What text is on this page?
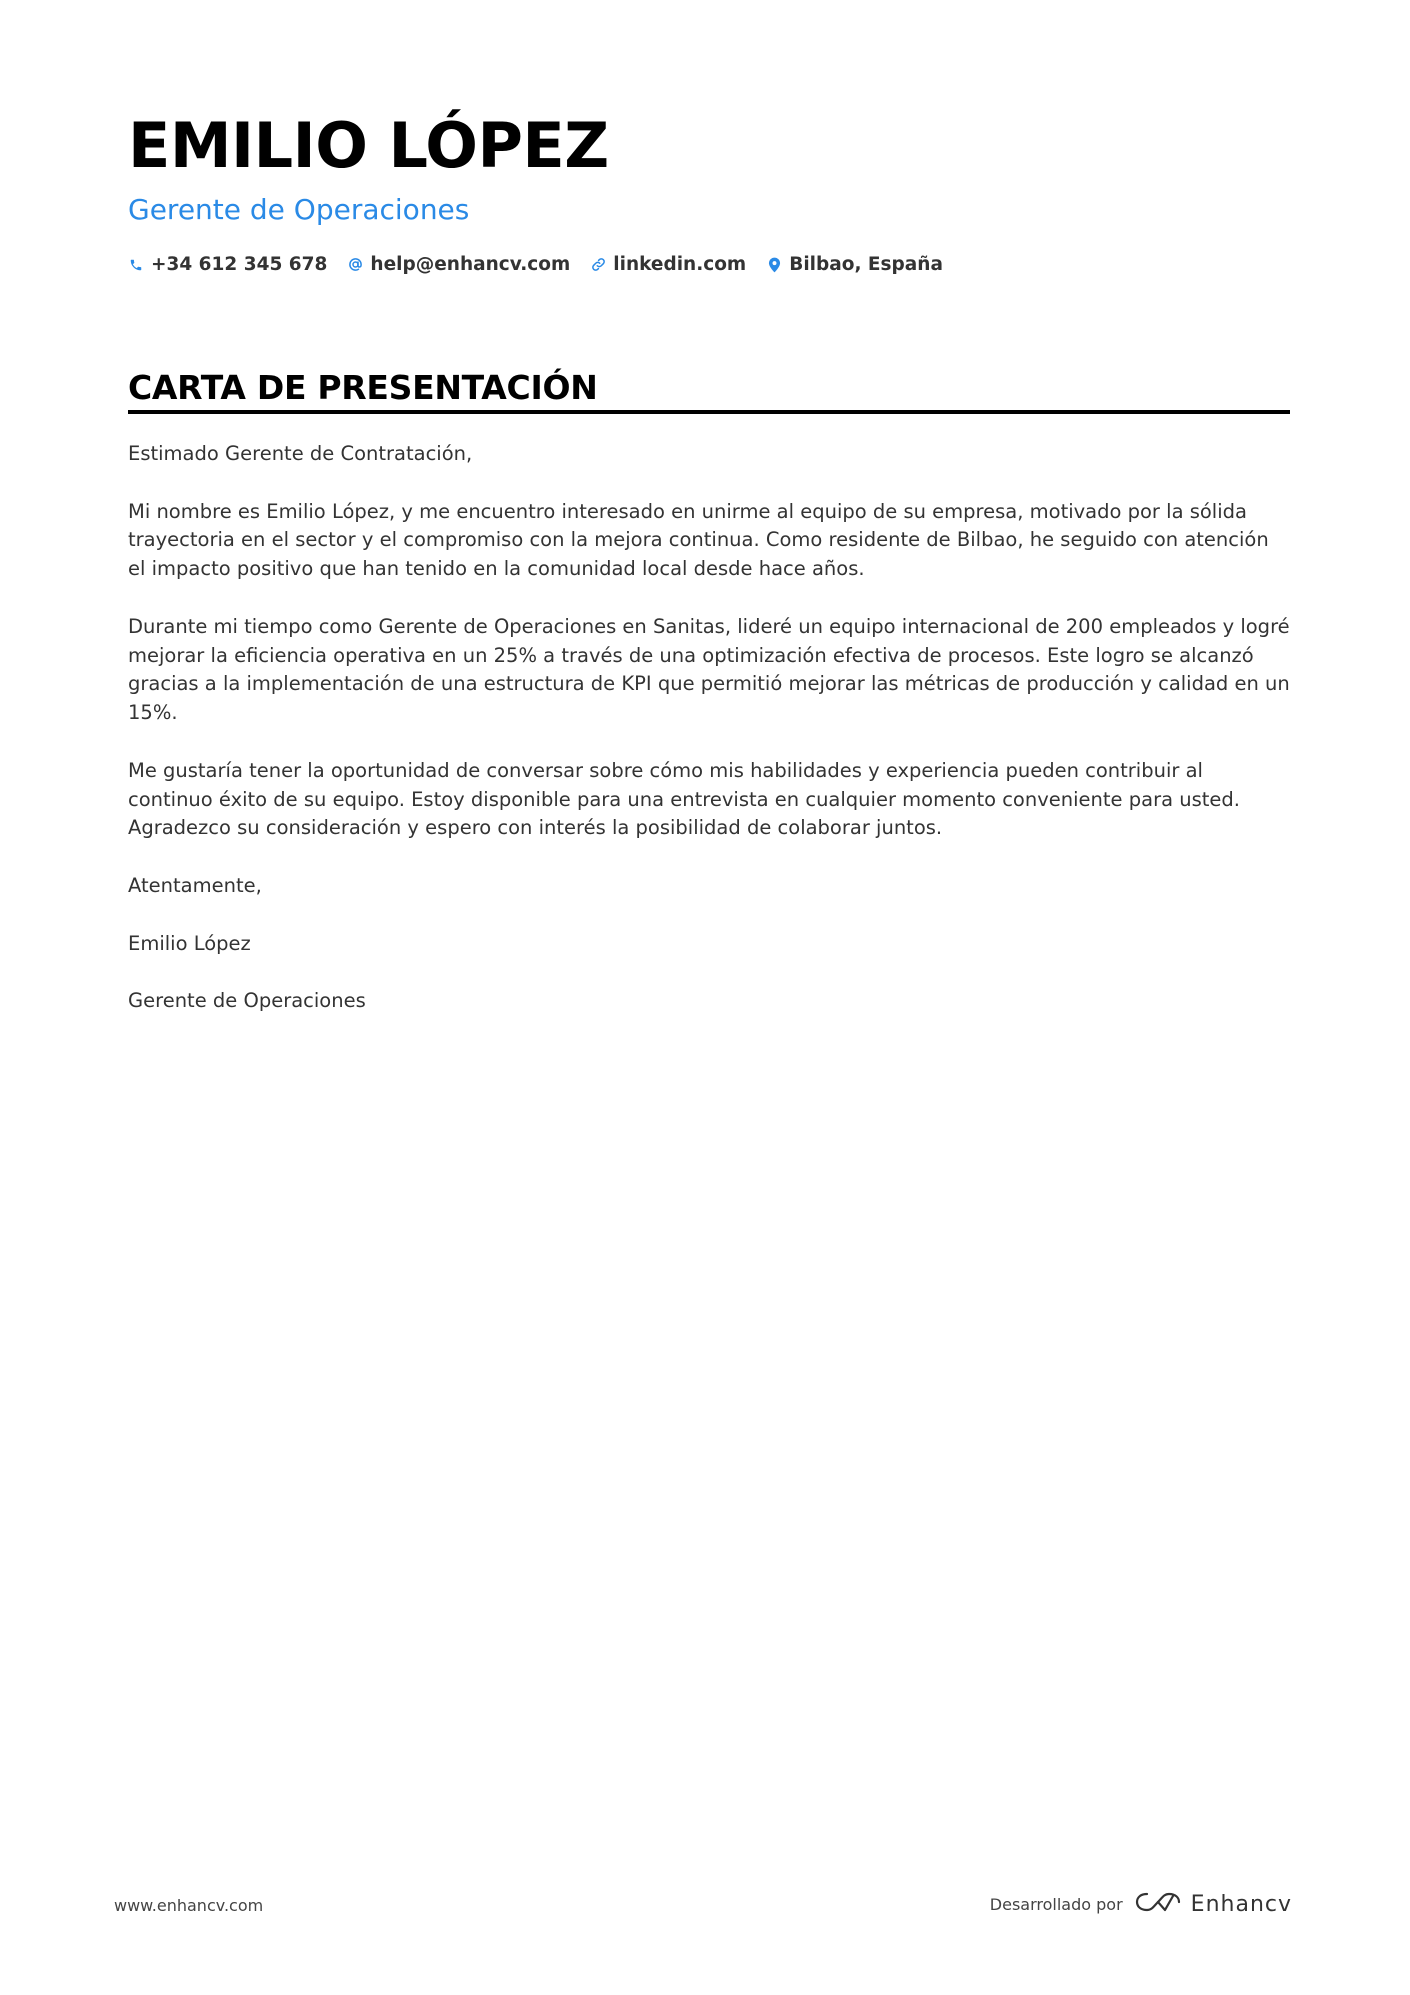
EMILIO LÓPEZ
Gerente de Operaciones
+34 612 345 678 help@enhancv.com linkedin.com Bilbao, España
CARTA DE PRESENTACIÓN

Estimado Gerente de Contratación,

Mi nombre es Emilio López, y me encuentro interesado en unirme al equipo de su empresa, motivado por la sólida trayectoria en el sector y el compromiso con la mejora continua. Como residente de Bilbao, he seguido con atención el impacto positivo que han tenido en la comunidad local desde hace años.

Durante mi tiempo como Gerente de Operaciones en Sanitas, lideré un equipo internacional de 200 empleados y logré mejorar la eficiencia operativa en un 25% a través de una optimización efectiva de procesos. Este logro se alcanzó gracias a la implementación de una estructura de KPI que permitió mejorar las métricas de producción y calidad en un 15%.

Me gustaría tener la oportunidad de conversar sobre cómo mis habilidades y experiencia pueden contribuir al continuo éxito de su equipo. Estoy disponible para una entrevista en cualquier momento conveniente para usted. Agradezco su consideración y espero con interés la posibilidad de colaborar juntos.

Atentamente,

Emilio López

Gerente de Operaciones

www.enhancv.com	Desarrollado por	Enhancv
